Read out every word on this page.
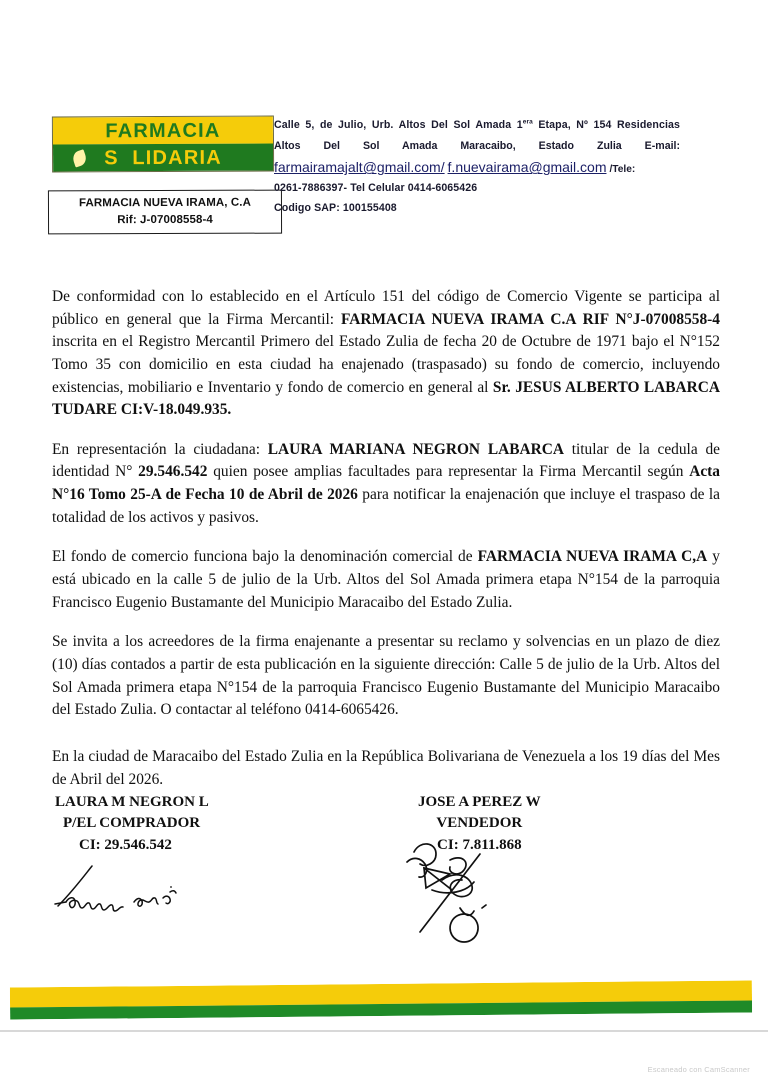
FARMACIA
S LIDARIA
FARMACIA NUEVA IRAMA, C.A
Rif: J-07008558-4
Calle 5, de Julio, Urb. Altos Del Sol Amada $1^{era}$ Etapa, Nº 154 Residencias
Altos Del Sol Amada Maracaibo, Estado Zulia E-mail:
farmairamajalt@gmail.com/ f.nuevairama@gmail.com /Tele:
0261-7886397- Tel Celular 0414-6065426
Codigo SAP: 100155408

De conformidad con lo establecido en el Artículo 151 del código de Comercio Vigente se participa al público en general que la Firma Mercantil: FARMACIA NUEVA IRAMA C.A RIF N°J-07008558-4 inscrita en el Registro Mercantil Primero del Estado Zulia de fecha 20 de Octubre de 1971 bajo el N°152 Tomo 35 con domicilio en esta ciudad ha enajenado (traspasado) su fondo de comercio, incluyendo existencias, mobiliario e Inventario y fondo de comercio en general al Sr. JESUS ALBERTO LABARCA TUDARE CI:V-18.049.935.

En representación la ciudadana: LAURA MARIANA NEGRON LABARCA titular de la cedula de identidad N° 29.546.542 quien posee amplias facultades para representar la Firma Mercantil según Acta N°16 Tomo 25-A de Fecha 10 de Abril de 2026 para notificar la enajenación que incluye el traspaso de la totalidad de los activos y pasivos.

El fondo de comercio funciona bajo la denominación comercial de FARMACIA NUEVA IRAMA C,A y está ubicado en la calle 5 de julio de la Urb. Altos del Sol Amada primera etapa N°154 de la parroquia Francisco Eugenio Bustamante del Municipio Maracaibo del Estado Zulia.

Se invita a los acreedores de la firma enajenante a presentar su reclamo y solvencias en un plazo de diez (10) días contados a partir de esta publicación en la siguiente dirección: Calle 5 de julio de la Urb. Altos del Sol Amada primera etapa N°154 de la parroquia Francisco Eugenio Bustamante del Municipio Maracaibo del Estado Zulia. O contactar al teléfono 0414-6065426.

En la ciudad de Maracaibo del Estado Zulia en la República Bolivariana de Venezuela a los 19 días del Mes de Abril del 2026.

LAURA M NEGRON L
P/EL COMPRADOR
CI: 29.546.542
JOSE A PEREZ W
VENDEDOR
CI: 7.811.868
Escaneado con CamScanner
